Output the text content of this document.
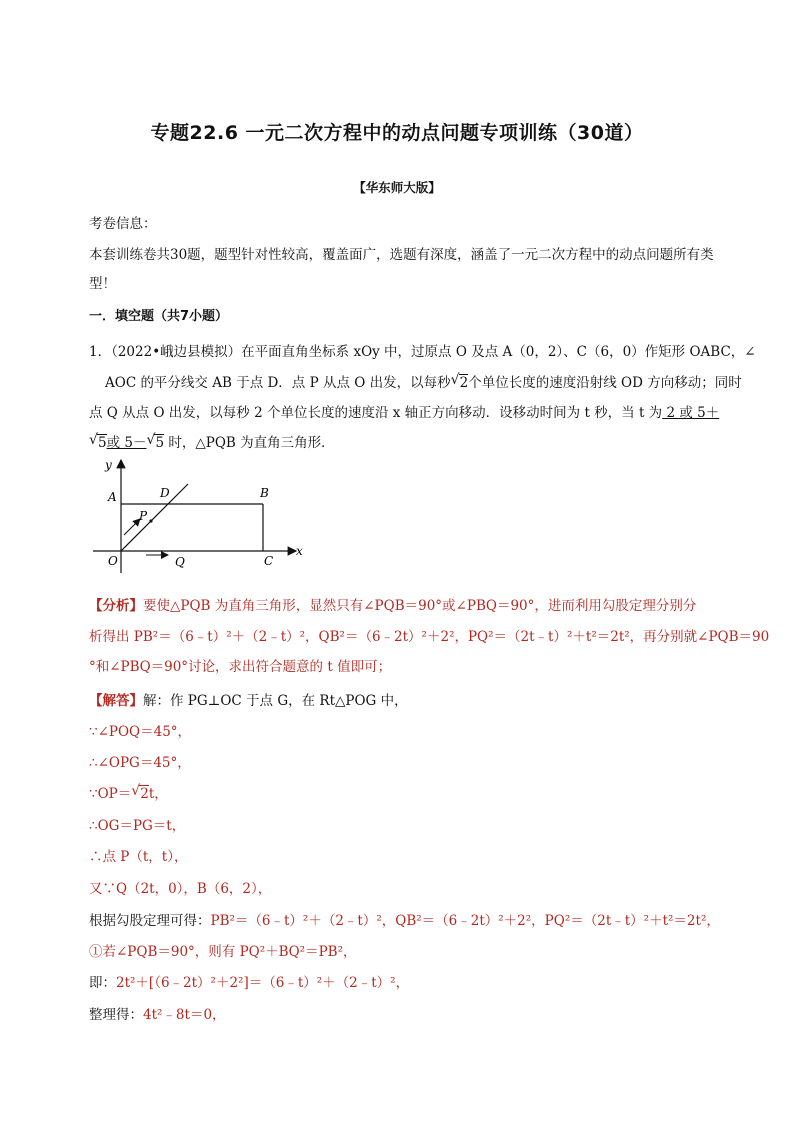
专题22.6 一元二次方程中的动点问题专项训练（30道）
【华东师大版】
考卷信息：
本套训练卷共30题，题型针对性较高，覆盖面广，选题有深度，涵盖了一元二次方程中的动点问题所有类
型！
一．填空题（共7小题）
1．（2022•峨边县模拟）在平面直角坐标系 xOy 中，过原点 O 及点 A（0，2）、C（6，0）作矩形 OABC，∠
AOC 的平分线交 AB 于点 D．点 P 从点 O 出发，以每秒 √ 2个单位长度的速度沿射线 OD 方向移动；同时
点 Q 从点 O 出发，以每秒 2 个单位长度的速度沿 x 轴正方向移动．设移动时间为 t 秒，当 t 为 2 或 5＋
√ 5或 5－ √ 5 时，△PQB 为直角三角形．
y
x
A	D	B
P
O	Q	C
【分析】要使△PQB 为直角三角形，显然只有∠PQB＝90°或∠PBQ＝90°，进而利用勾股定理分别分
析得出 PB²＝（6﹣t）²＋（2﹣t）²，QB²＝（6﹣2t）²＋2²，PQ²＝（2t﹣t）²＋t²＝2t²，再分别就∠PQB＝90
°和∠PBQ＝90°讨论，求出符合题意的 t 值即可；
【解答】解：作 PG⊥OC 于点 G，在 Rt△POG 中，
∵∠POQ＝45°，
∴∠OPG＝45°，
∵OP＝ √ 2t，
∴OG＝PG＝t，
∴点 P（t，t），
又∵Q（2t，0），B（6，2），
根据勾股定理可得：PB²＝（6﹣t）²＋（2﹣t）²，QB²＝（6﹣2t）²＋2²，PQ²＝（2t﹣t）²＋t²＝2t²，
①若∠PQB＝90°，则有 PQ²＋BQ²＝PB²，
即：2t²＋[（6﹣2t）²＋2²]＝（6﹣t）²＋（2﹣t）²，
整理得：4t²﹣8t＝0，
